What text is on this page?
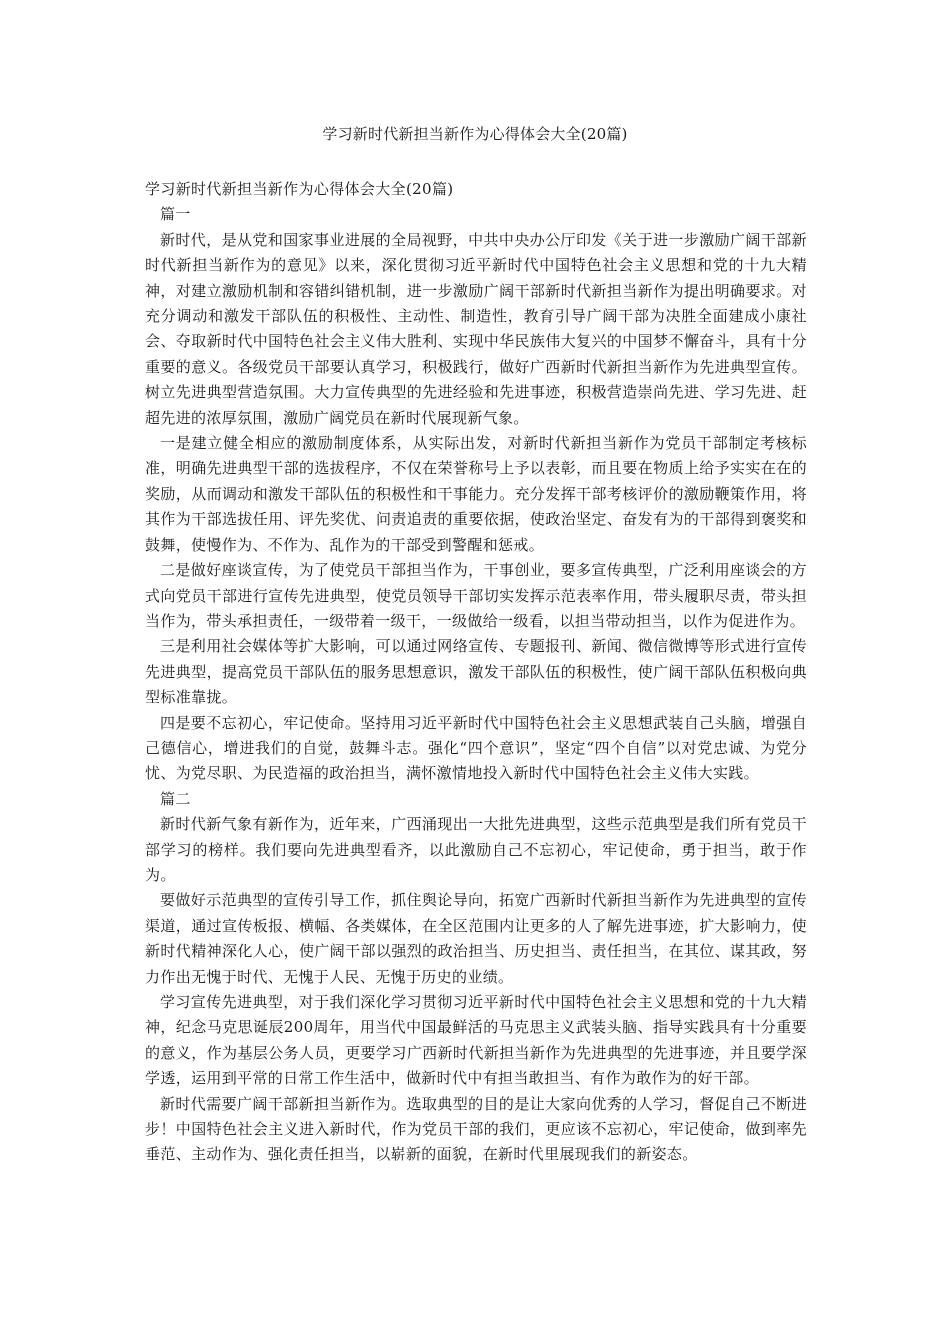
学习新时代新担当新作为心得体会大全(20篇)

学习新时代新担当新作为心得体会大全(20篇)

篇一

新时代，是从党和国家事业进展的全局视野，中共中央办公厅印发《关于进一步激励广阔干部新时代新担当新作为的意见》以来，深化贯彻习近平新时代中国特色社会主义思想和党的十九大精神，对建立激励机制和容错纠错机制，进一步激励广阔干部新时代新担当新作为提出明确要求。对充分调动和激发干部队伍的积极性、主动性、制造性，教育引导广阔干部为决胜全面建成小康社会、夺取新时代中国特色社会主义伟大胜利、实现中华民族伟大复兴的中国梦不懈奋斗，具有十分重要的意义。各级党员干部要认真学习，积极践行，做好广西新时代新担当新作为先进典型宣传。树立先进典型营造氛围。大力宣传典型的先进经验和先进事迹，积极营造崇尚先进、学习先进、赶超先进的浓厚氛围，激励广阔党员在新时代展现新气象。

一是建立健全相应的激励制度体系，从实际出发，对新时代新担当新作为党员干部制定考核标准，明确先进典型干部的选拔程序，不仅在荣誉称号上予以表彰，而且要在物质上给予实实在在的奖励，从而调动和激发干部队伍的积极性和干事能力。充分发挥干部考核评价的激励鞭策作用，将其作为干部选拔任用、评先奖优、问责追责的重要依据，使政治坚定、奋发有为的干部得到褒奖和鼓舞，使慢作为、不作为、乱作为的干部受到警醒和惩戒。

二是做好座谈宣传，为了使党员干部担当作为，干事创业，要多宣传典型，广泛利用座谈会的方式向党员干部进行宣传先进典型，使党员领导干部切实发挥示范表率作用，带头履职尽责，带头担当作为，带头承担责任，一级带着一级干，一级做给一级看，以担当带动担当，以作为促进作为。

三是利用社会媒体等扩大影响，可以通过网络宣传、专题报刊、新闻、微信微博等形式进行宣传先进典型，提高党员干部队伍的服务思想意识，激发干部队伍的积极性，使广阔干部队伍积极向典型标准靠拢。

四是要不忘初心，牢记使命。坚持用习近平新时代中国特色社会主义思想武装自己头脑，增强自己德信心，增进我们的自觉，鼓舞斗志。强化“四个意识”，坚定“四个自信”以对党忠诚、为党分忧、为党尽职、为民造福的政治担当，满怀激情地投入新时代中国特色社会主义伟大实践。

篇二

新时代新气象有新作为，近年来，广西涌现出一大批先进典型，这些示范典型是我们所有党员干部学习的榜样。我们要向先进典型看齐，以此激励自己不忘初心，牢记使命，勇于担当，敢于作为。

要做好示范典型的宣传引导工作，抓住舆论导向，拓宽广西新时代新担当新作为先进典型的宣传渠道，通过宣传板报、横幅、各类媒体，在全区范围内让更多的人了解先进事迹，扩大影响力，使新时代精神深化人心，使广阔干部以强烈的政治担当、历史担当、责任担当，在其位、谋其政，努力作出无愧于时代、无愧于人民、无愧于历史的业绩。

学习宣传先进典型，对于我们深化学习贯彻习近平新时代中国特色社会主义思想和党的十九大精神，纪念马克思诞辰200周年，用当代中国最鲜活的马克思主义武装头脑、指导实践具有十分重要的意义，作为基层公务人员，更要学习广西新时代新担当新作为先进典型的先进事迹，并且要学深学透，运用到平常的日常工作生活中，做新时代中有担当敢担当、有作为敢作为的好干部。

新时代需要广阔干部新担当新作为。选取典型的目的是让大家向优秀的人学习，督促自己不断进步！中国特色社会主义进入新时代，作为党员干部的我们，更应该不忘初心，牢记使命，做到率先垂范、主动作为、强化责任担当，以崭新的面貌，在新时代里展现我们的新姿态。
